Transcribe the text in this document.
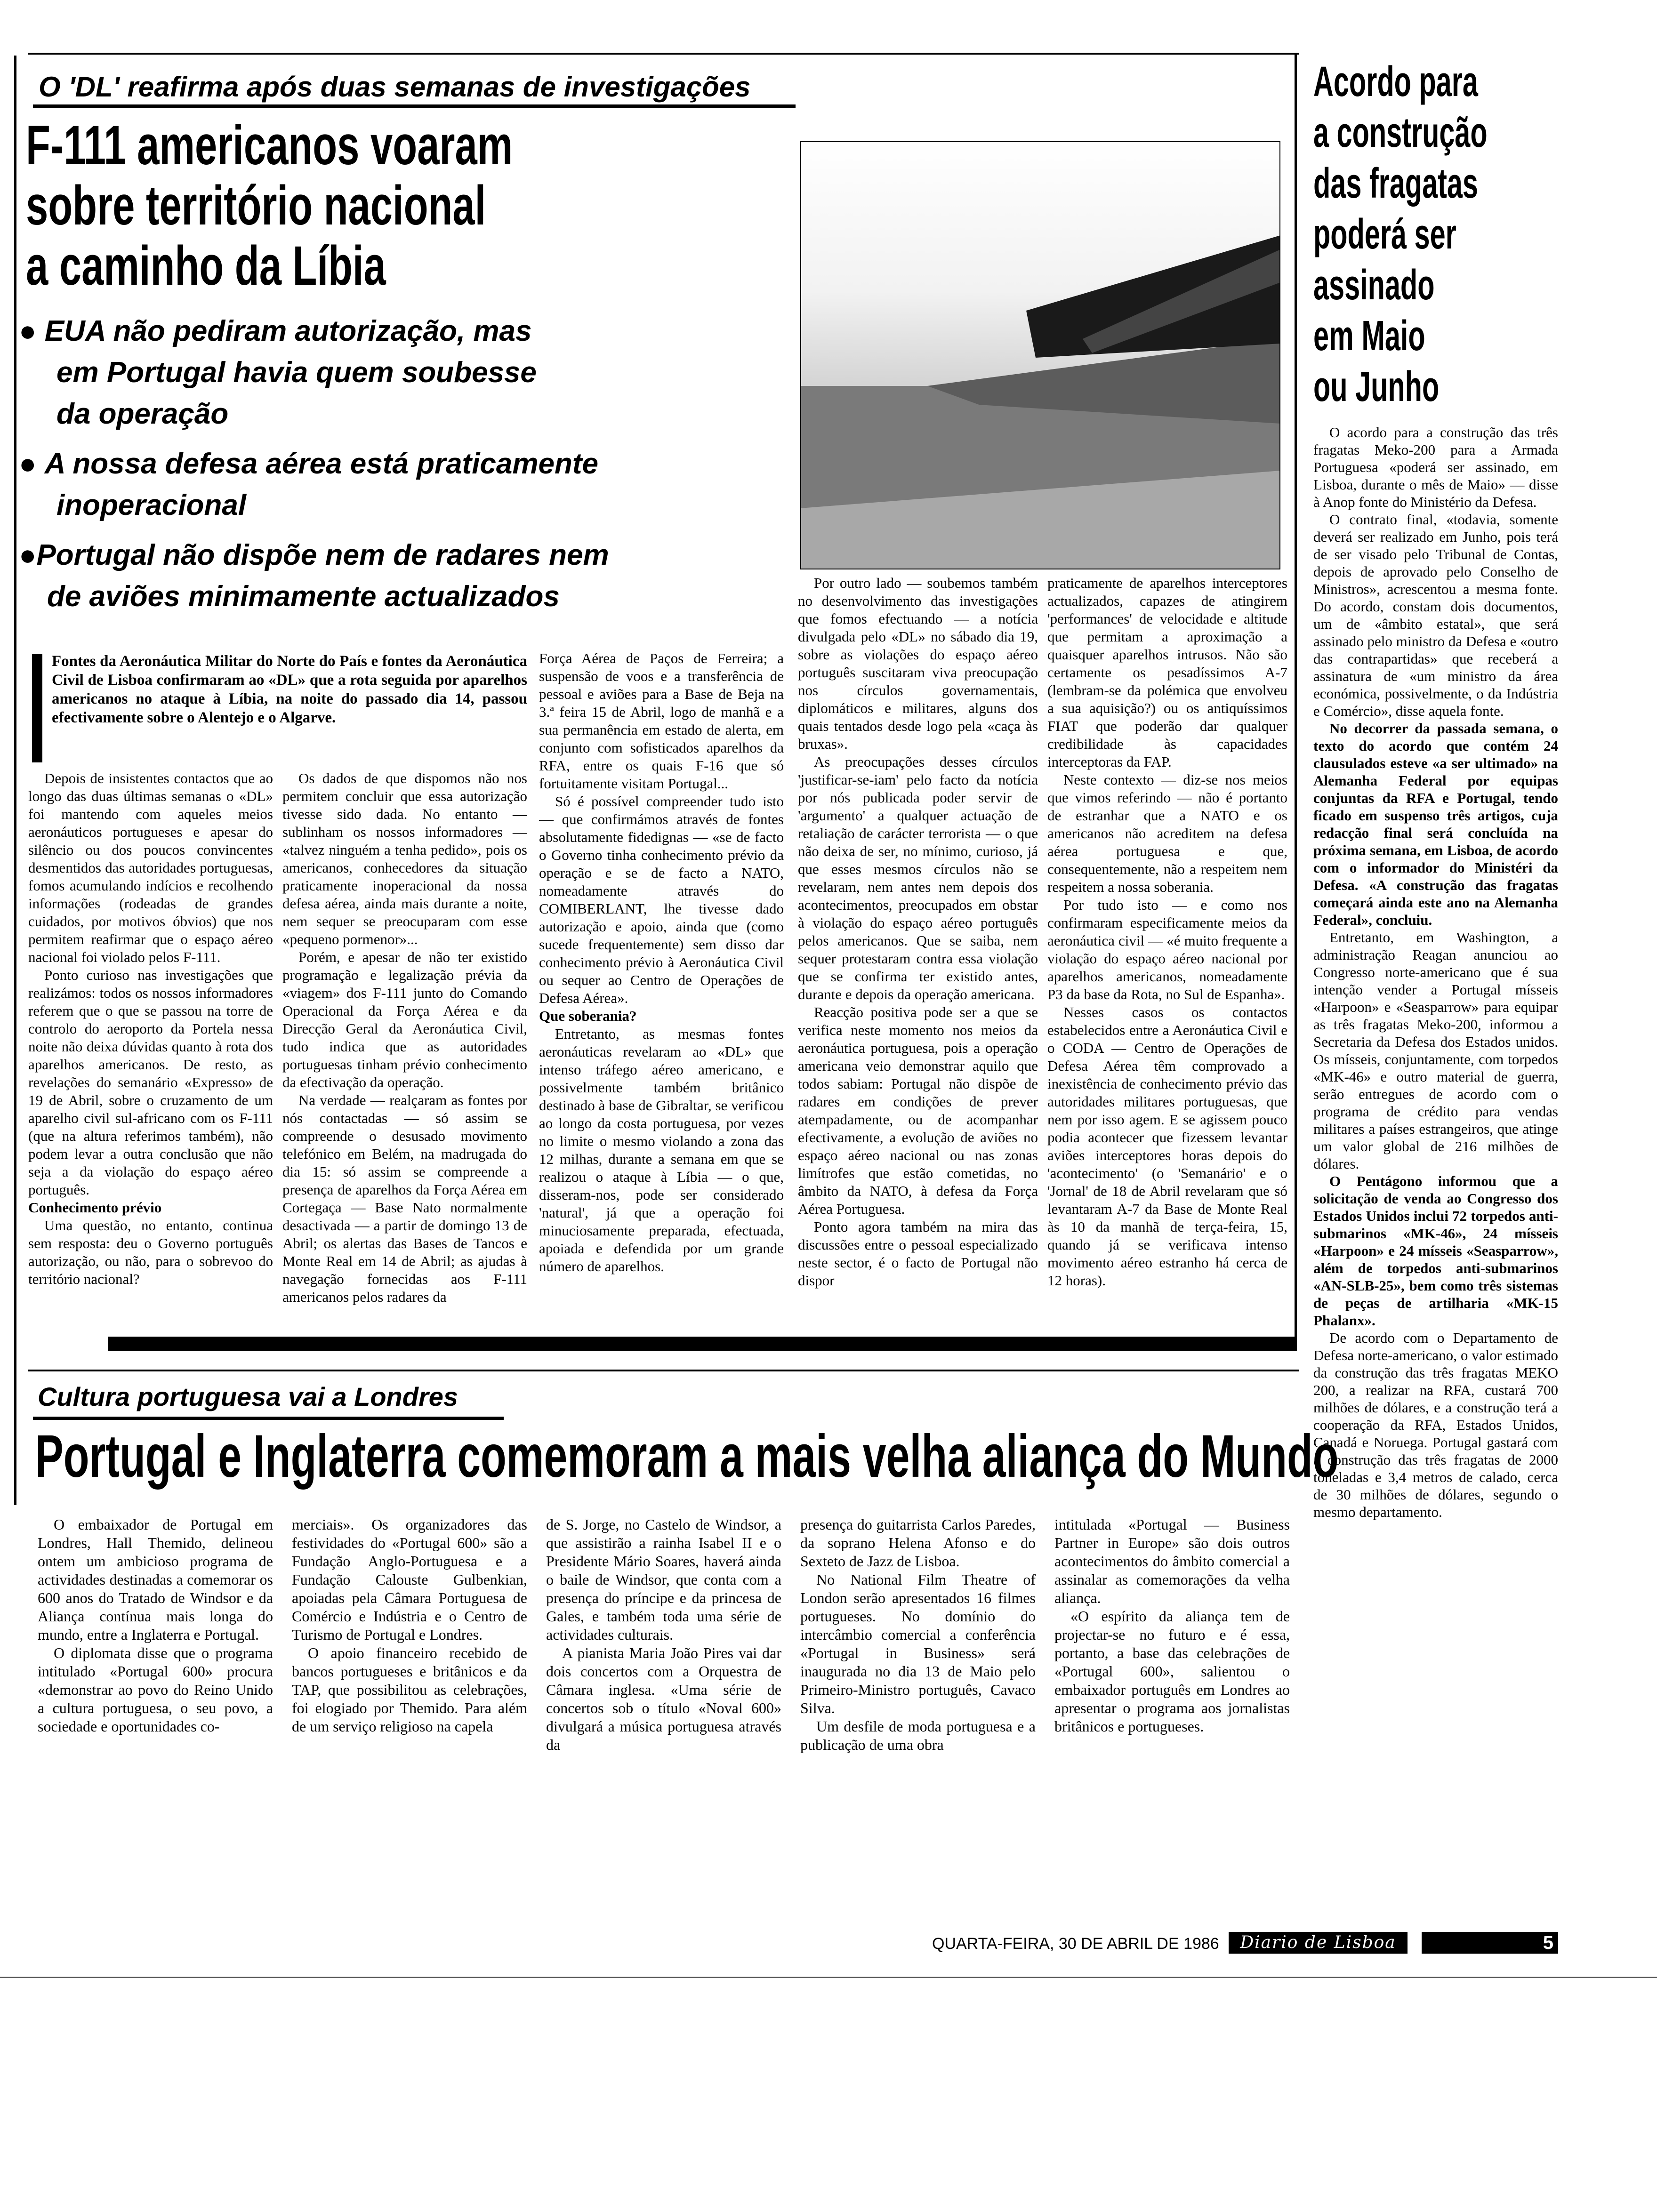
O 'DL' reafirma após duas semanas de investigações
F-111 americanos voaram
sobre território nacional
a caminho da Líbia
● EUA não pediram autorização, mas
em Portugal havia quem soubesse
da operação
● A nossa defesa aérea está praticamente
inoperacional
●Portugal não dispõe nem de radares nem
de aviões minimamente actualizados
Fontes da Aeronáutica Militar do Norte do País e fontes da Aeronáutica Civil de Lisboa confirmaram ao «DL» que a rota seguida por aparelhos americanos no ataque à Líbia, na noite do passado dia 14, passou efectivamente sobre o Alentejo e o Algarve.

Depois de insistentes contactos que ao longo das duas últimas semanas o «DL» foi mantendo com aqueles meios aeronáuticos portugueses e apesar do silêncio ou dos poucos convincentes desmentidos das autoridades portuguesas, fomos acumulando indícios e recolhendo informações (rodeadas de grandes cuidados, por motivos óbvios) que nos permitem reafirmar que o espaço aéreo nacional foi violado pelos F-111.

Ponto curioso nas investigações que realizámos: todos os nossos informadores referem que o que se passou na torre de controlo do aeroporto da Portela nessa noite não deixa dúvidas quanto à rota dos aparelhos americanos. De resto, as revelações do semanário «Expresso» de 19 de Abril, sobre o cruzamento de um aparelho civil sul-africano com os F-111 (que na altura referimos também), não podem levar a outra conclusão que não seja a da violação do espaço aéreo português.

Conhecimento prévio

Uma questão, no entanto, continua sem resposta: deu o Governo português autorização, ou não, para o sobrevoo do território nacional?

Os dados de que dispomos não nos permitem concluir que essa autorização tivesse sido dada. No entanto — sublinham os nossos informadores — «talvez ninguém a tenha pedido», pois os americanos, conhecedores da situação praticamente inoperacional da nossa defesa aérea, ainda mais durante a noite, nem sequer se preocuparam com esse «pequeno pormenor»...

Porém, e apesar de não ter existido programação e legalização prévia da «viagem» dos F-111 junto do Comando Operacional da Força Aérea e da Direcção Geral da Aeronáutica Civil, tudo indica que as autoridades portuguesas tinham prévio conhecimento da efectivação da operação.

Na verdade — realçaram as fontes por nós contactadas — só assim se compreende o desusado movimento telefónico em Belém, na madrugada do dia 15: só assim se compreende a presença de aparelhos da Força Aérea em Cortegaça — Base Nato normalmente desactivada — a partir de domingo 13 de Abril; os alertas das Bases de Tancos e Monte Real em 14 de Abril; as ajudas à navegação fornecidas aos F-111 americanos pelos radares da

Força Aérea de Paços de Ferreira; a suspensão de voos e a transferência de pessoal e aviões para a Base de Beja na 3.ª feira 15 de Abril, logo de manhã e a sua permanência em estado de alerta, em conjunto com sofisticados aparelhos da RFA, entre os quais F-16 que só fortuitamente visitam Portugal...

Só é possível compreender tudo isto — que confirmámos através de fontes absolutamente fidedignas — «se de facto o Governo tinha conhecimento prévio da operação e se de facto a NATO, nomeadamente através do COMIBERLANT, lhe tivesse dado autorização e apoio, ainda que (como sucede frequentemente) sem disso dar conhecimento prévio à Aeronáutica Civil ou sequer ao Centro de Operações de Defesa Aérea».

Que soberania?

Entretanto, as mesmas fontes aeronáuticas revelaram ao «DL» que intenso tráfego aéreo americano, e possivelmente também britânico destinado à base de Gibraltar, se verificou ao longo da costa portuguesa, por vezes no limite o mesmo violando a zona das 12 milhas, durante a semana em que se realizou o ataque à Líbia — o que, disseram-nos, pode ser considerado 'natural', já que a operação foi minuciosamente preparada, efectuada, apoiada e defendida por um grande número de aparelhos.

Por outro lado — soubemos também no desenvolvimento das investigações que fomos efectuando — a notícia divulgada pelo «DL» no sábado dia 19, sobre as violações do espaço aéreo português suscitaram viva preocupação nos círculos governamentais, diplomáticos e militares, alguns dos quais tentados desde logo pela «caça às bruxas».

As preocupações desses círculos 'justificar-se-iam' pelo facto da notícia por nós publicada poder servir de 'argumento' a qualquer actuação de retaliação de carácter terrorista — o que não deixa de ser, no mínimo, curioso, já que esses mesmos círculos não se revelaram, nem antes nem depois dos acontecimentos, preocupados em obstar à violação do espaço aéreo português pelos americanos. Que se saiba, nem sequer protestaram contra essa violação que se confirma ter existido antes, durante e depois da operação americana.

Reacção positiva pode ser a que se verifica neste momento nos meios da aeronáutica portuguesa, pois a operação americana veio demonstrar aquilo que todos sabiam: Portugal não dispõe de radares em condições de prever atempadamente, ou de acompanhar efectivamente, a evolução de aviões no espaço aéreo nacional ou nas zonas limítrofes que estão cometidas, no âmbito da NATO, à defesa da Força Aérea Portuguesa.

Ponto agora também na mira das discussões entre o pessoal especializado neste sector, é o facto de Portugal não dispor

praticamente de aparelhos interceptores actualizados, capazes de atingirem 'performances' de velocidade e altitude que permitam a aproximação a quaisquer aparelhos intrusos. Não são certamente os pesadíssimos A-7 (lembram-se da polémica que envolveu a sua aquisição?) ou os antiquíssimos FIAT que poderão dar qualquer credibilidade às capacidades interceptoras da FAP.

Neste contexto — diz-se nos meios que vimos referindo — não é portanto de estranhar que a NATO e os americanos não acreditem na defesa aérea portuguesa e que, consequentemente, não a respeitem nem respeitem a nossa soberania.

Por tudo isto — e como nos confirmaram especificamente meios da aeronáutica civil — «é muito frequente a violação do espaço aéreo nacional por aparelhos americanos, nomeadamente P3 da base da Rota, no Sul de Espanha».

Nesses casos os contactos estabelecidos entre a Aeronáutica Civil e o CODA — Centro de Operações de Defesa Aérea têm comprovado a inexistência de conhecimento prévio das autoridades militares portuguesas, que nem por isso agem. E se agissem pouco podia acontecer que fizessem levantar aviões interceptores horas depois do 'acontecimento' (o 'Semanário' e o 'Jornal' de 18 de Abril revelaram que só levantaram A-7 da Base de Monte Real às 10 da manhã de terça-feira, 15, quando já se verificava intenso movimento aéreo estranho há cerca de 12 horas).

Acordo para
a construção
das fragatas
poderá ser
assinado
em Maio
ou Junho

O acordo para a construção das três fragatas Meko-200 para a Armada Portuguesa «poderá ser assinado, em Lisboa, durante o mês de Maio» — disse à Anop fonte do Ministério da Defesa.

O contrato final, «todavia, somente deverá ser realizado em Junho, pois terá de ser visado pelo Tribunal de Contas, depois de aprovado pelo Conselho de Ministros», acrescentou a mesma fonte. Do acordo, constam dois documentos, um de «âmbito estatal», que será assinado pelo ministro da Defesa e «outro das contrapartidas» que receberá a assinatura de «um ministro da área económica, possivelmente, o da Indústria e Comércio», disse aquela fonte.

No decorrer da passada semana, o texto do acordo que contém 24 clausulados esteve «a ser ultimado» na Alemanha Federal por equipas conjuntas da RFA e Portugal, tendo ficado em suspenso três artigos, cuja redacção final será concluída na próxima semana, em Lisboa, de acordo com o informador do Ministéri da Defesa. «A construção das fragatas começará ainda este ano na Alemanha Federal», concluiu.

Entretanto, em Washington, a administração Reagan anunciou ao Congresso norte-americano que é sua intenção vender a Portugal mísseis «Harpoon» e «Seasparrow» para equipar as três fragatas Meko-200, informou a Secretaria da Defesa dos Estados unidos. Os mísseis, conjuntamente, com torpedos «MK-46» e outro material de guerra, serão entregues de acordo com o programa de crédito para vendas militares a países estrangeiros, que atinge um valor global de 216 milhões de dólares.

O Pentágono informou que a solicitação de venda ao Congresso dos Estados Unidos inclui 72 torpedos anti-submarinos «MK-46», 24 mísseis «Harpoon» e 24 mísseis «Seasparrow», além de torpedos anti-submarinos «AN-SLB-25», bem como três sistemas de peças de artilharia «MK-15 Phalanx».

De acordo com o Departamento de Defesa norte-americano, o valor estimado da construção das três fragatas MEKO 200, a realizar na RFA, custará 700 milhões de dólares, e a construção terá a cooperação da RFA, Estados Unidos, Canadá e Noruega. Portugal gastará com a construção das três fragatas de 2000 toneladas e 3,4 metros de calado, cerca de 30 milhões de dólares, segundo o mesmo departamento.

Cultura portuguesa vai a Londres
Portugal e Inglaterra comemoram a mais velha aliança do Mundo

O embaixador de Portugal em Londres, Hall Themido, delineou ontem um ambicioso programa de actividades destinadas a comemorar os 600 anos do Tratado de Windsor e da Aliança contínua mais longa do mundo, entre a Inglaterra e Portugal.

O diplomata disse que o programa intitulado «Portugal 600» procura «demonstrar ao povo do Reino Unido a cultura portuguesa, o seu povo, a sociedade e oportunidades co-

merciais». Os organizadores das festividades do «Portugal 600» são a Fundação Anglo-Portuguesa e a Fundação Calouste Gulbenkian, apoiadas pela Câmara Portuguesa de Comércio e Indústria e o Centro de Turismo de Portugal e Londres.

O apoio financeiro recebido de bancos portugueses e britânicos e da TAP, que possibilitou as celebrações, foi elogiado por Themido. Para além de um serviço religioso na capela

de S. Jorge, no Castelo de Windsor, a que assistirão a rainha Isabel II e o Presidente Mário Soares, haverá ainda o baile de Windsor, que conta com a presença do príncipe e da princesa de Gales, e também toda uma série de actividades culturais.

A pianista Maria João Pires vai dar dois concertos com a Orquestra de Câmara inglesa. «Uma série de concertos sob o título «Noval 600» divulgará a música portuguesa através da

presença do guitarrista Carlos Paredes, da soprano Helena Afonso e do Sexteto de Jazz de Lisboa.

No National Film Theatre of London serão apresentados 16 filmes portugueses. No domínio do intercâmbio comercial a conferência «Portugal in Business» será inaugurada no dia 13 de Maio pelo Primeiro-Ministro português, Cavaco Silva.

Um desfile de moda portuguesa e a publicação de uma obra

intitulada «Portugal — Business Partner in Europe» são dois outros acontecimentos do âmbito comercial a assinalar as comemorações da velha aliança.

«O espírito da aliança tem de projectar-se no futuro e é essa, portanto, a base das celebrações de «Portugal 600», salientou o embaixador português em Londres ao apresentar o programa aos jornalistas britânicos e portugueses.

QUARTA-FEIRA, 30 DE ABRIL DE 1986	Diario de Lisboa	5
